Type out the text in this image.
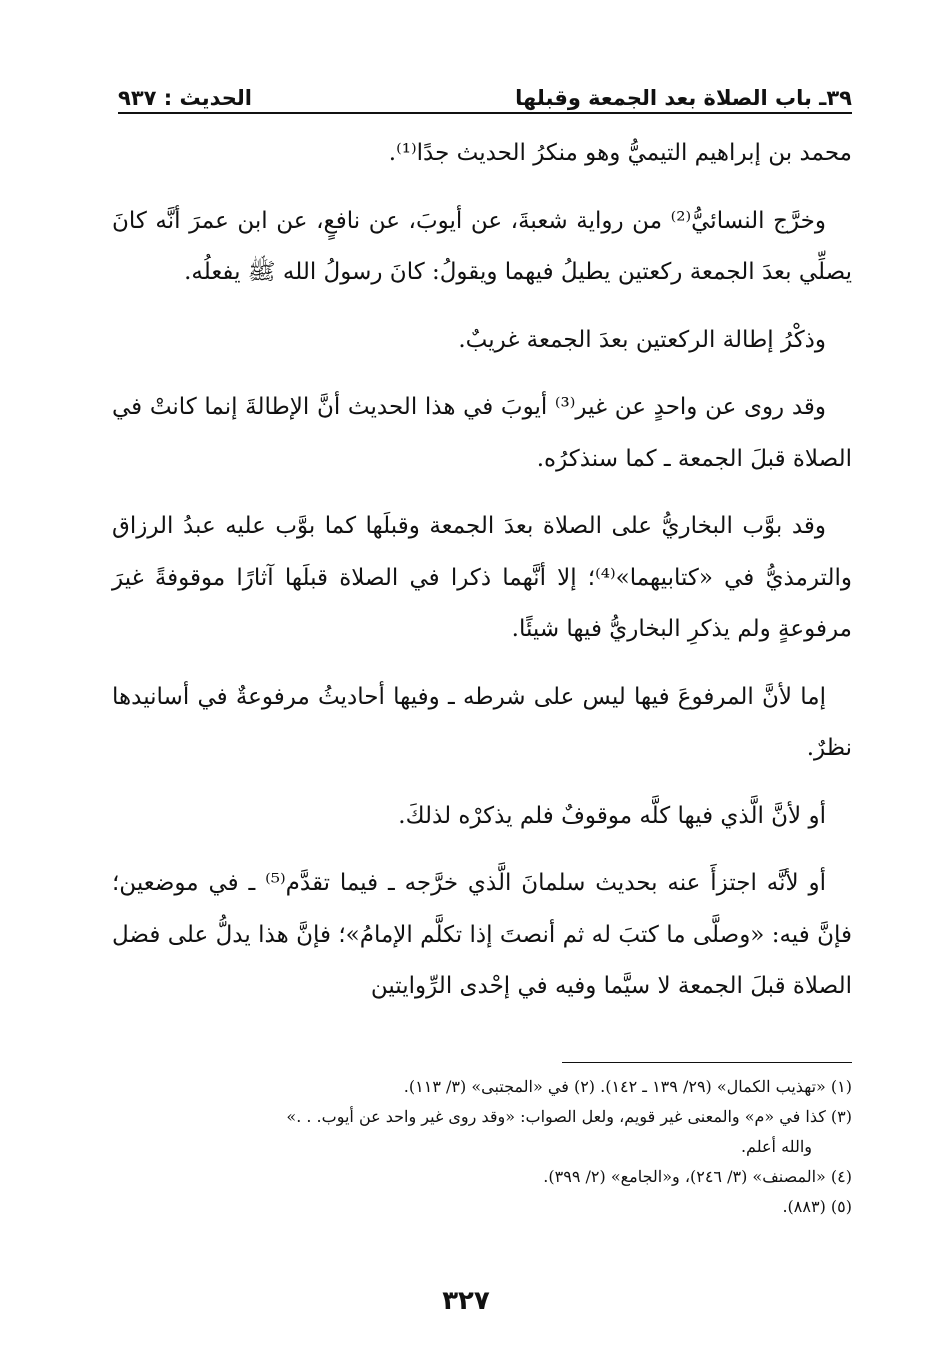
٣٩ـ باب الصلاة بعد الجمعة وقبلها
الحديث : ٩٣٧

محمد بن إبراهيم التيميُّ وهو منكرُ الحديث جدًا⁽¹⁾.

وخرَّج النسائيُّ⁽²⁾ من رواية شعبةَ، عن أيوبَ، عن نافعٍ، عن ابن عمرَ أنَّه كانَ يصلِّي بعدَ الجمعة ركعتين يطيلُ فيهما ويقولُ: كانَ رسولُ الله ﷺ يفعلُه.

وذكْرُ إطالة الركعتين بعدَ الجمعة غريبٌ.

وقد روى عن واحدٍ عن غير⁽³⁾ أيوبَ في هذا الحديث أنَّ الإطالةَ إنما كانتْ في الصلاة قبلَ الجمعة ـ كما سنذكرُه.

وقد بوَّب البخاريُّ على الصلاة بعدَ الجمعة وقبلَها كما بوَّب عليه عبدُ الرزاق والترمذيُّ في «كتابيهما»⁽⁴⁾؛ إلا أنَّهما ذكرا في الصلاة قبلَها آثارًا موقوفةً غيرَ مرفوعةٍ ولم يذكرِ البخاريُّ فيها شيئًا.

إما لأنَّ المرفوعَ فيها ليس على شرطه ـ وفيها أحاديثُ مرفوعةٌ في أسانيدها نظرٌ.

أو لأنَّ الَّذي فيها كلَّه موقوفٌ فلم يذكرْه لذلكَ.

أو لأنَّه اجتزأَ عنه بحديث سلمانَ الَّذي خرَّجه ـ فيما تقدَّم⁽⁵⁾ ـ في موضعين؛ فإنَّ فيه: «وصلَّى ما كتبَ له ثم أنصتَ إذا تكلَّم الإمامُ»؛ فإنَّ هذا يدلُّ على فضل الصلاة قبلَ الجمعة لا سيَّما وفيه في إحْدى الرِّوايتين

(١) «تهذيب الكمال» (٢٩/ ١٣٩ ـ ١٤٢). (٢) في «المجتبى» (٣/ ١١٣).
(٣) كذا في «م» والمعنى غير قويم، ولعل الصواب: «وقد روى غير واحد عن أيوب. . .»
والله أعلم.
(٤) «المصنف» (٣/ ٢٤٦)، و«الجامع» (٢/ ٣٩٩).
(٥) (٨٨٣).
٣٢٧
